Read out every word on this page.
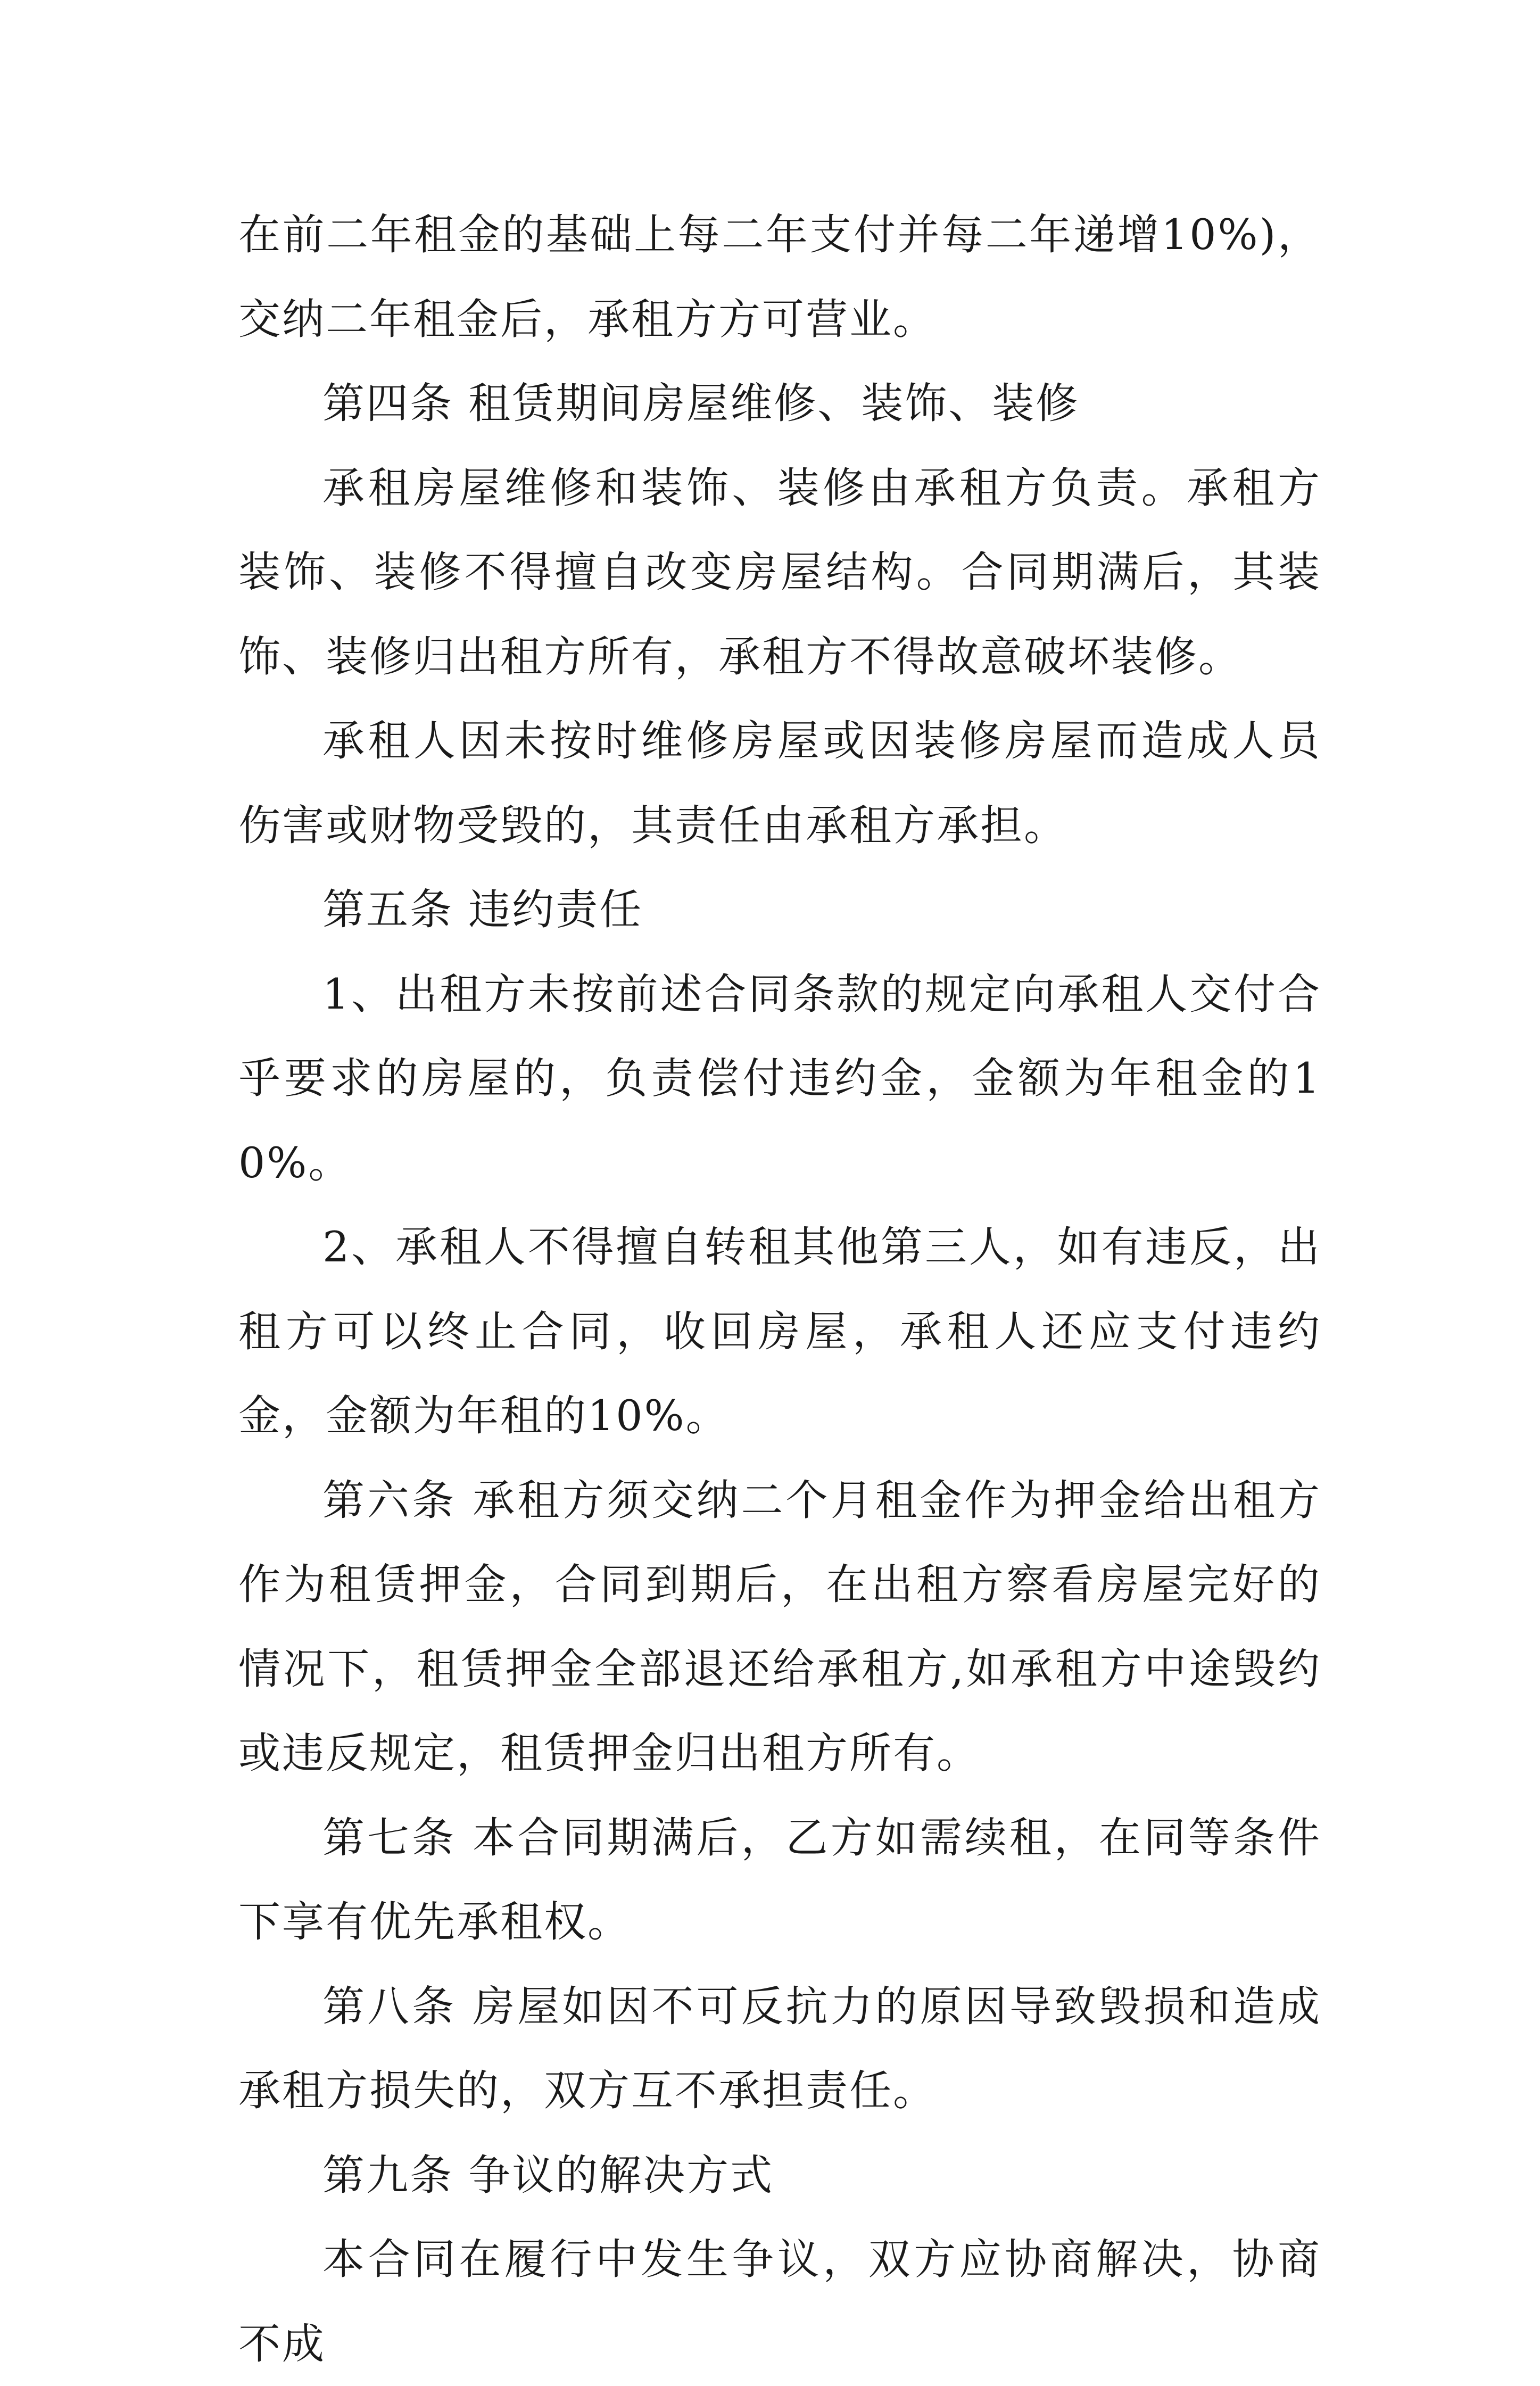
在前二年租金的基础上每二年支付并每二年递增10%)，交纳二年租金后，承租方方可营业。

第四条 租赁期间房屋维修、装饰、装修

承租房屋维修和装饰、装修由承租方负责。承租方装饰、装修不得擅自改变房屋结构。合同期满后，其装饰、装修归出租方所有，承租方不得故意破坏装修。

承租人因未按时维修房屋或因装修房屋而造成人员伤害或财物受毁的，其责任由承租方承担。

第五条 违约责任

1、出租方未按前述合同条款的规定向承租人交付合乎要求的房屋的，负责偿付违约金，金额为年租金的10%。

2、承租人不得擅自转租其他第三人，如有违反，出租方可以终止合同，收回房屋，承租人还应支付违约金，金额为年租的10%。

第六条 承租方须交纳二个月租金作为押金给出租方作为租赁押金，合同到期后，在出租方察看房屋完好的情况下，租赁押金全部退还给承租方,如承租方中途毁约或违反规定，租赁押金归出租方所有。

第七条 本合同期满后，乙方如需续租，在同等条件下享有优先承租权。

第八条 房屋如因不可反抗力的原因导致毁损和造成承租方损失的，双方互不承担责任。

第九条 争议的解决方式

本合同在履行中发生争议，双方应协商解决，协商不成
